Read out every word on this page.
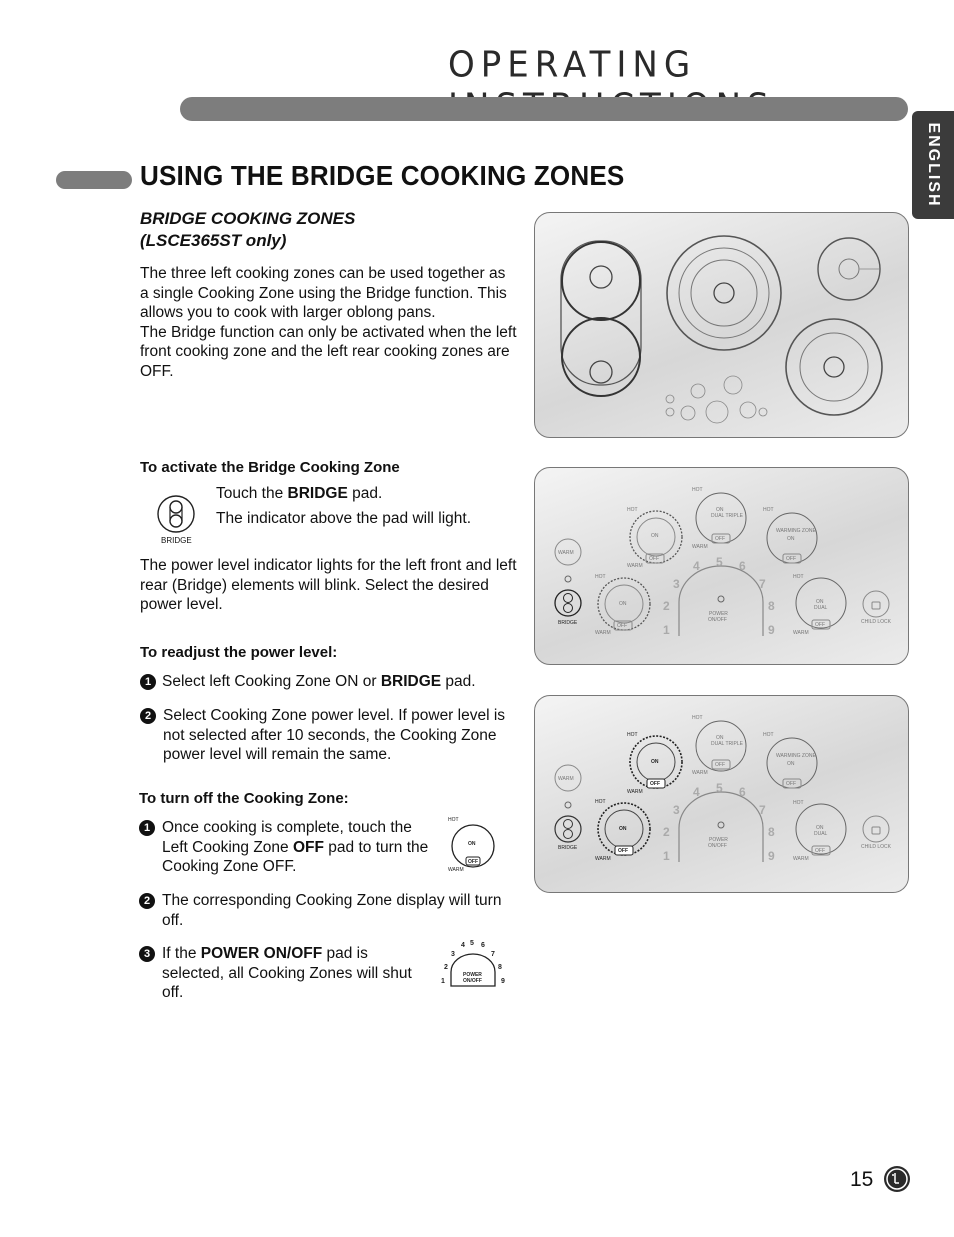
OPERATING
ENGLISH
USING THE BRIDGE COOKING ZONES
BRIDGE COOKING ZONES
(LSCE365ST only)
The three left cooking zones can be used together as a single Cooking Zone using the Bridge function. This allows you to cook with larger oblong pans.
The Bridge function can only be activated when the left front cooking zone and the left rear cooking zones are OFF.
To activate the Bridge Cooking Zone
BRIDGE
Touch the BRIDGE pad.
The indicator above the pad will light.
The power level indicator lights for the left front and left rear (Bridge) elements will blink. Select the desired power level.
To readjust the power level:
1 Select left Cooking Zone ON or BRIDGE pad.
2 Select Cooking Zone power level. If power level is not selected after 10 seconds, the Cooking Zone power level will remain the same.
To turn off the Cooking Zone:
1 Once cooking is complete, touch the Left Cooking Zone OFF pad to turn the Cooking Zone OFF.
HOT
ON
OFF
WARM
2 The corresponding Cooking Zone display will turn off.
3 If the POWER ON/OFF pad is selected, all Cooking Zones will shut off.
1
2
3
4 5 6
7
8
9
POWER
ON/OFF
HOT
ON
DUAL TRIPLE
OFF
WARM
HOT
ON
OFF
WARM
HOT
WARMING ZONE
ON
OFF
WARM
BRIDGE
HOT
ON
OFF
WARM
POWER
ON/OFF
1
2
3
4 5 6
7
8
9
HOT
ON
DUAL
OFF
WARM
CHILD LOCK
HOT
ON
DUAL TRIPLE
OFF
WARM
HOT
ON
OFF
WARM
HOT
WARMING ZONE
ON
OFF
WARM
BRIDGE
HOT
ON
OFF
WARM
POWER
ON/OFF
1
2
3
4 5 6
7
8
9
HOT
ON
DUAL
OFF
WARM
CHILD LOCK
15
